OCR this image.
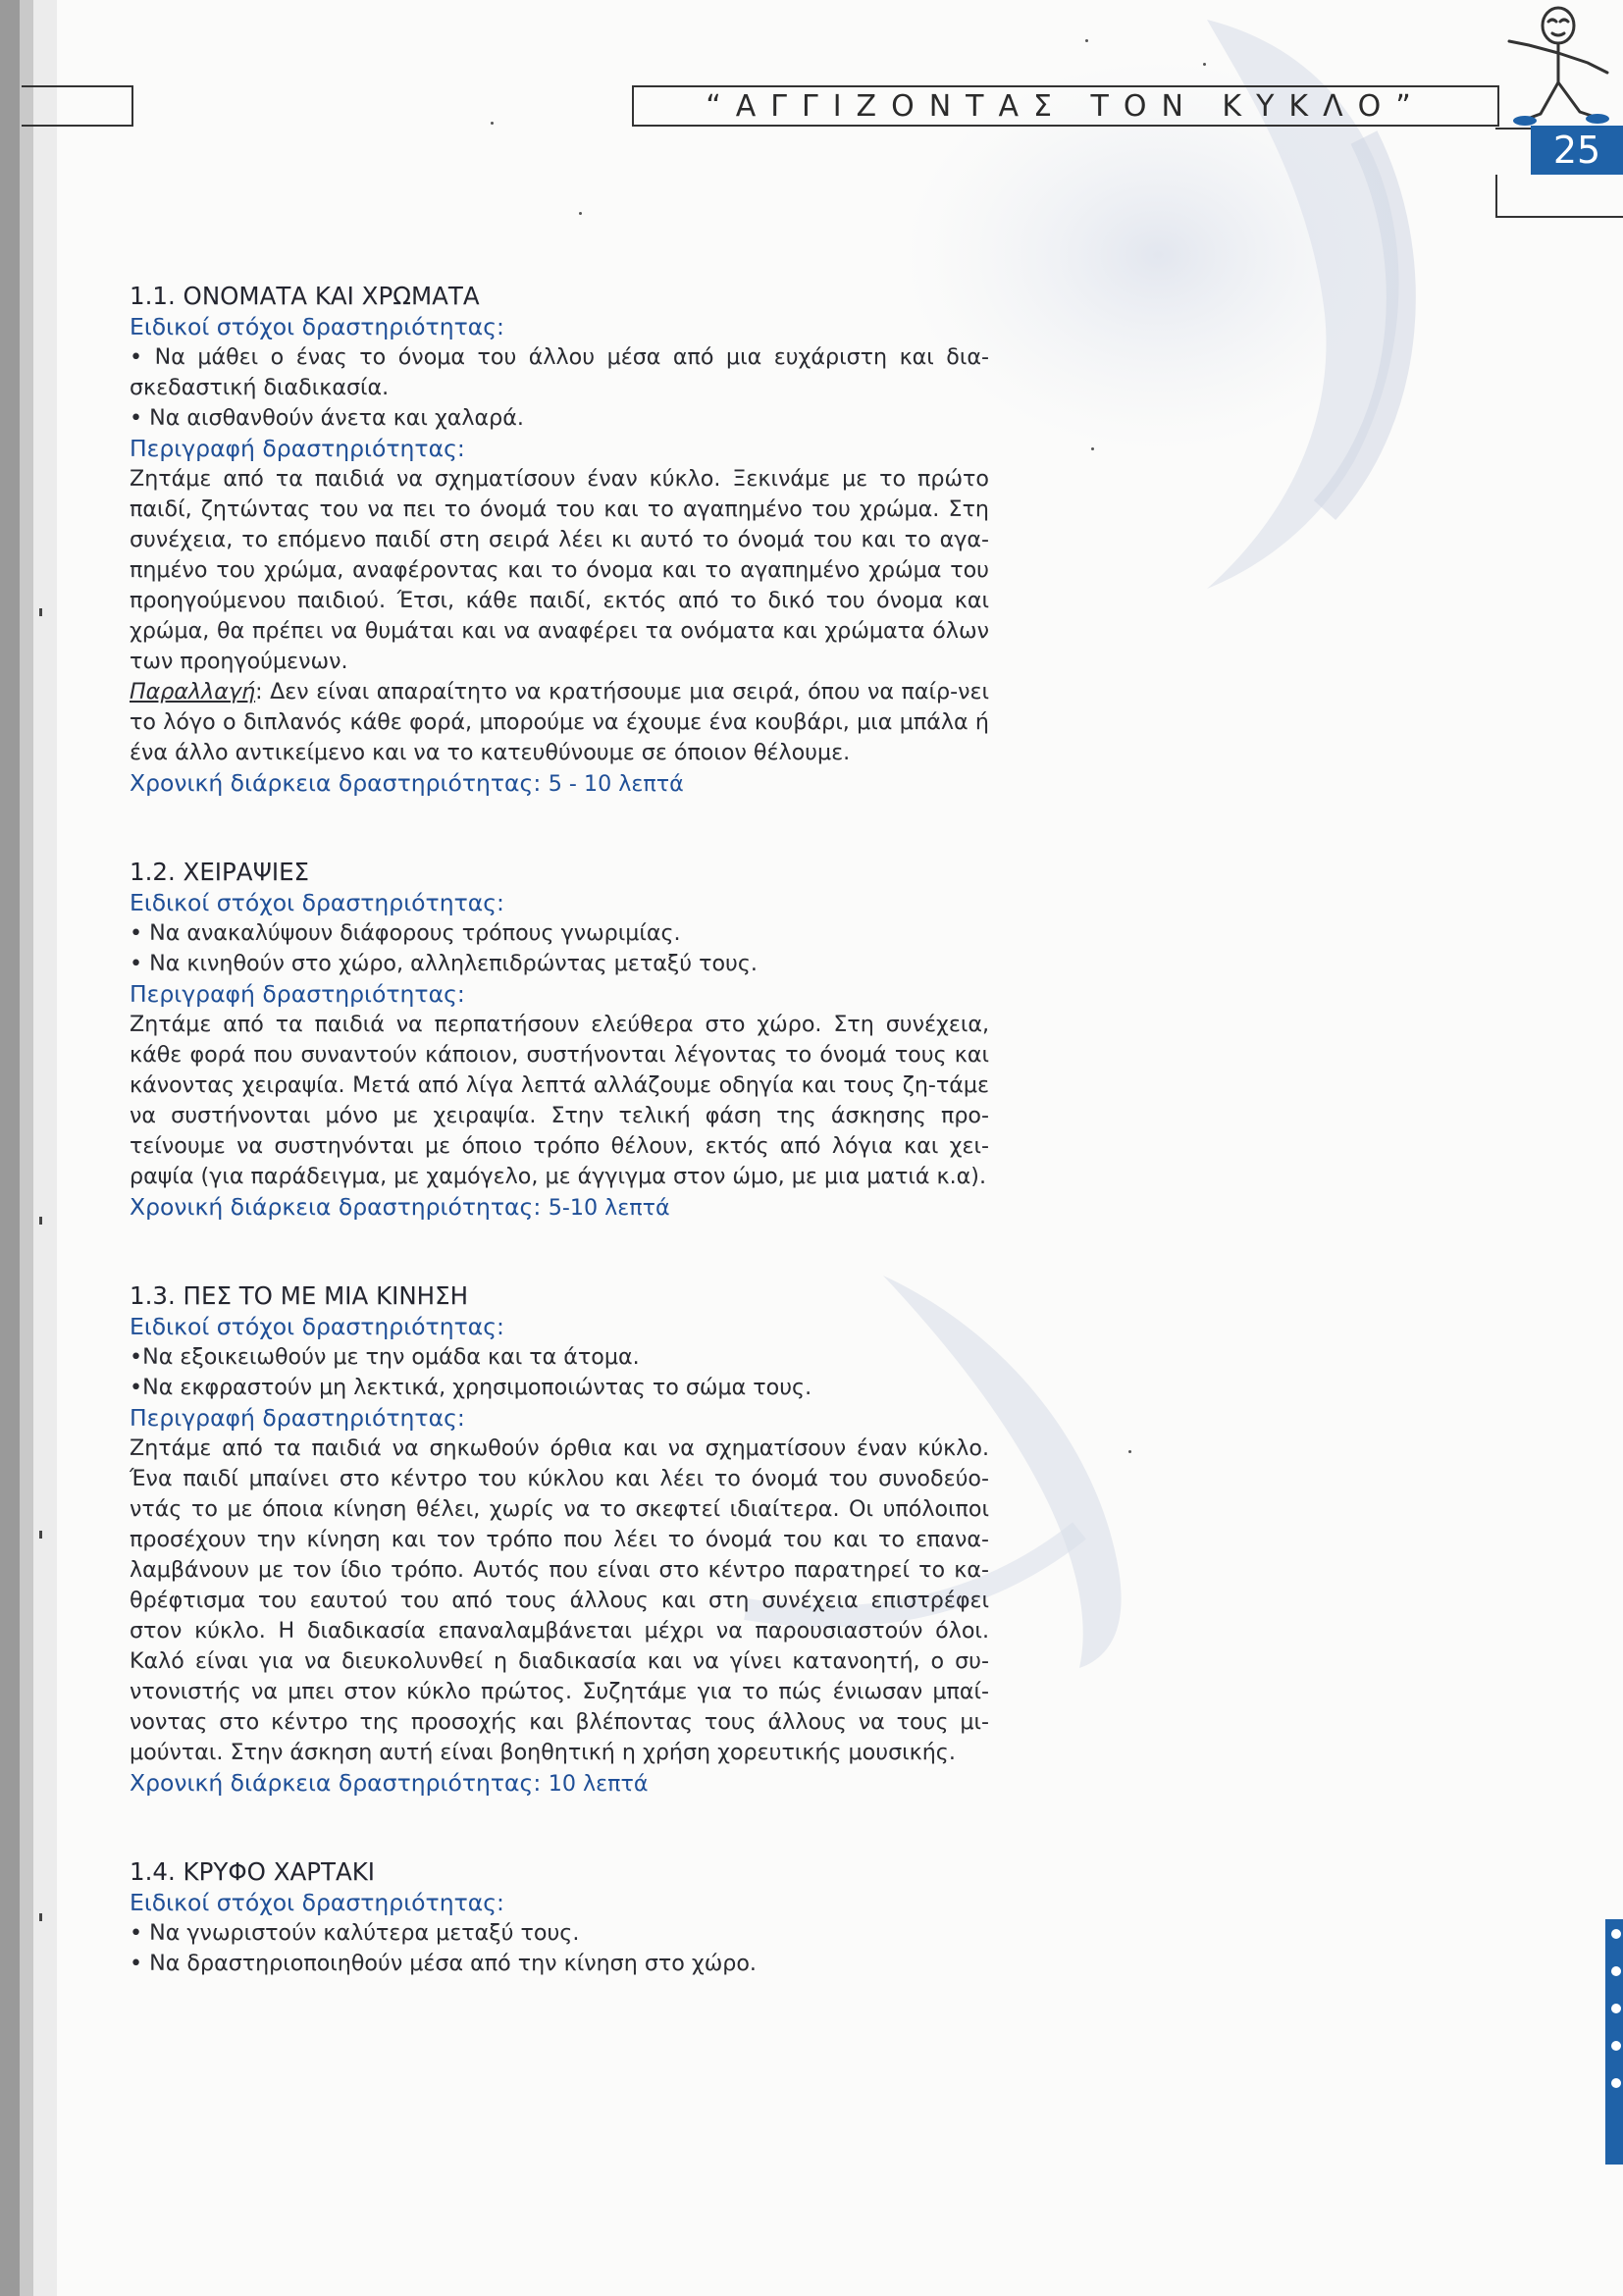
“ΑΓΓΙΖΟΝΤΑΣ ΤΟΝ ΚΥΚΛΟ”
25
1.1. ΟΝΟΜΑΤΑ ΚΑΙ ΧΡΩΜΑΤΑ
Ειδικοί στόχοι δραστηριότητας:
• Να μάθει ο ένας το όνομα του άλλου μέσα από μια ευχάριστη και δια-σκεδαστική διαδικασία.
• Να αισθανθούν άνετα και χαλαρά.
Περιγραφή δραστηριότητας:
Ζητάμε από τα παιδιά να σχηματίσουν έναν κύκλο. Ξεκινάμε με το πρώτο παιδί, ζητώντας του να πει το όνομά του και το αγαπημένο του χρώμα. Στη συνέχεια, το επόμενο παιδί στη σειρά λέει κι αυτό το όνομά του και το αγα-πημένο του χρώμα, αναφέροντας και το όνομα και το αγαπημένο χρώμα του προηγούμενου παιδιού. Έτσι, κάθε παιδί, εκτός από το δικό του όνομα και χρώμα, θα πρέπει να θυμάται και να αναφέρει τα ονόματα και χρώματα όλων των προηγούμενων.
Παραλλαγή: Δεν είναι απαραίτητο να κρατήσουμε μια σειρά, όπου να παίρ-νει το λόγο ο διπλανός κάθε φορά, μπορούμε να έχουμε ένα κουβάρι, μια μπάλα ή ένα άλλο αντικείμενο και να το κατευθύνουμε σε όποιον θέλουμε.
Χρονική διάρκεια δραστηριότητας: 5 - 10 λεπτά
1.2. ΧΕΙΡΑΨΙΕΣ
Ειδικοί στόχοι δραστηριότητας:
• Να ανακαλύψουν διάφορους τρόπους γνωριμίας.
• Να κινηθούν στο χώρο, αλληλεπιδρώντας μεταξύ τους.
Περιγραφή δραστηριότητας:
Ζητάμε από τα παιδιά να περπατήσουν ελεύθερα στο χώρο. Στη συνέχεια, κάθε φορά που συναντούν κάποιον, συστήνονται λέγοντας το όνομά τους και κάνοντας χειραψία. Μετά από λίγα λεπτά αλλάζουμε οδηγία και τους ζη-τάμε να συστήνονται μόνο με χειραψία. Στην τελική φάση της άσκησης προ-τείνουμε να συστηνόνται με όποιο τρόπο θέλουν, εκτός από λόγια και χει-ραψία (για παράδειγμα, με χαμόγελο, με άγγιγμα στον ώμο, με μια ματιά κ.α).
Χρονική διάρκεια δραστηριότητας: 5-10 λεπτά
1.3. ΠΕΣ ΤΟ ΜΕ ΜΙΑ ΚΙΝΗΣΗ
Ειδικοί στόχοι δραστηριότητας:
• Να εξοικειωθούν με την ομάδα και τα άτομα.
• Να εκφραστούν μη λεκτικά, χρησιμοποιώντας το σώμα τους.
Περιγραφή δραστηριότητας:
Ζητάμε από τα παιδιά να σηκωθούν όρθια και να σχηματίσουν έναν κύκλο. Ένα παιδί μπαίνει στο κέντρο του κύκλου και λέει το όνομά του συνοδεύο-ντάς το με όποια κίνηση θέλει, χωρίς να το σκεφτεί ιδιαίτερα. Οι υπόλοιποι προσέχουν την κίνηση και τον τρόπο που λέει το όνομά του και το επανα-λαμβάνουν με τον ίδιο τρόπο. Αυτός που είναι στο κέντρο παρατηρεί το κα-θρέφτισμα του εαυτού του από τους άλλους και στη συνέχεια επιστρέφει στον κύκλο. Η διαδικασία επαναλαμβάνεται μέχρι να παρουσιαστούν όλοι. Καλό είναι για να διευκολυνθεί η διαδικασία και να γίνει κατανοητή, ο συ-ντονιστής να μπει στον κύκλο πρώτος. Συζητάμε για το πώς ένιωσαν μπαί-νοντας στο κέντρο της προσοχής και βλέποντας τους άλλους να τους μι-μούνται. Στην άσκηση αυτή είναι βοηθητική η χρήση χορευτικής μουσικής.
Χρονική διάρκεια δραστηριότητας: 10 λεπτά
1.4. ΚΡΥΦΟ ΧΑΡΤΑΚΙ
Ειδικοί στόχοι δραστηριότητας:
• Να γνωριστούν καλύτερα μεταξύ τους.
• Να δραστηριοποιηθούν μέσα από την κίνηση στο χώρο.
